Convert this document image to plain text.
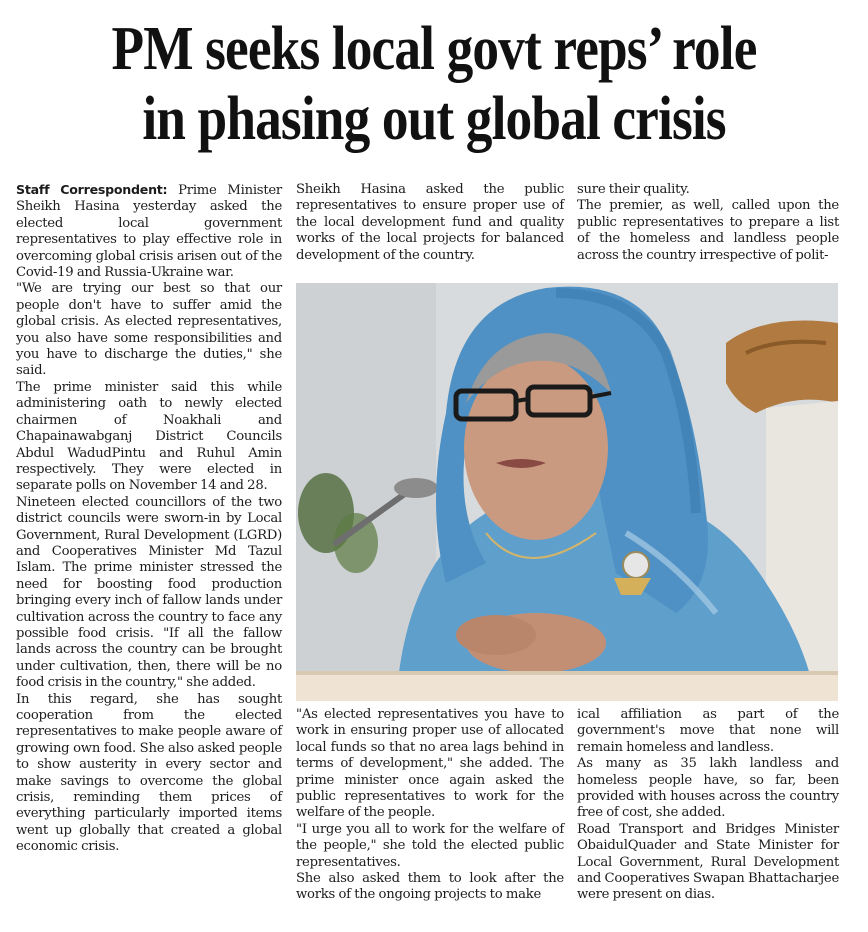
PM seeks local govt reps’ role
in phasing out global crisis

Staff Correspondent: Prime Minister Sheikh Hasina yesterday asked the elected local government representatives to play effective role in overcoming global crisis arisen out of the Covid-19 and Russia-Ukraine war.

"We are trying our best so that our people don't have to suffer amid the global crisis. As elected representatives, you also have some responsibilities and you have to discharge the duties," she said.

The prime minister said this while administering oath to newly elected chairmen of Noakhali and Chapainawabganj District Councils Abdul WadudPintu and Ruhul Amin respectively. They were elected in separate polls on November 14 and 28.

Nineteen elected councillors of the two district councils were sworn-in by Local Government, Rural Development (LGRD) and Cooperatives Minister Md Tazul Islam. The prime minister stressed the need for boosting food production bringing every inch of fallow lands under cultivation across the country to face any possible food crisis. "If all the fallow lands across the country can be brought under cultivation, then, there will be no food crisis in the country," she added.

In this regard, she has sought cooperation from the elected representatives to make people aware of growing own food. She also asked people to show austerity in every sector and make savings to overcome the global crisis, reminding them prices of everything particularly imported items went up globally that created a global economic crisis.

Sheikh Hasina asked the public representatives to ensure proper use of the local development fund and quality works of the local projects for balanced development of the country.

sure their quality.

The premier, as well, called upon the public representatives to prepare a list of the homeless and landless people across the country irrespective of polit-

"As elected representatives you have to work in ensuring proper use of allocated local funds so that no area lags behind in terms of development," she added. The prime minister once again asked the public representatives to work for the welfare of the people.

"I urge you all to work for the welfare of the people," she told the elected public representatives.

She also asked them to look after the works of the ongoing projects to make

ical affiliation as part of the government's move that none will remain homeless and landless.

As many as 35 lakh landless and homeless people have, so far, been provided with houses across the country free of cost, she added.

Road Transport and Bridges Minister ObaidulQuader and State Minister for Local Government, Rural Development and Cooperatives Swapan Bhattacharjee were present on dias.
